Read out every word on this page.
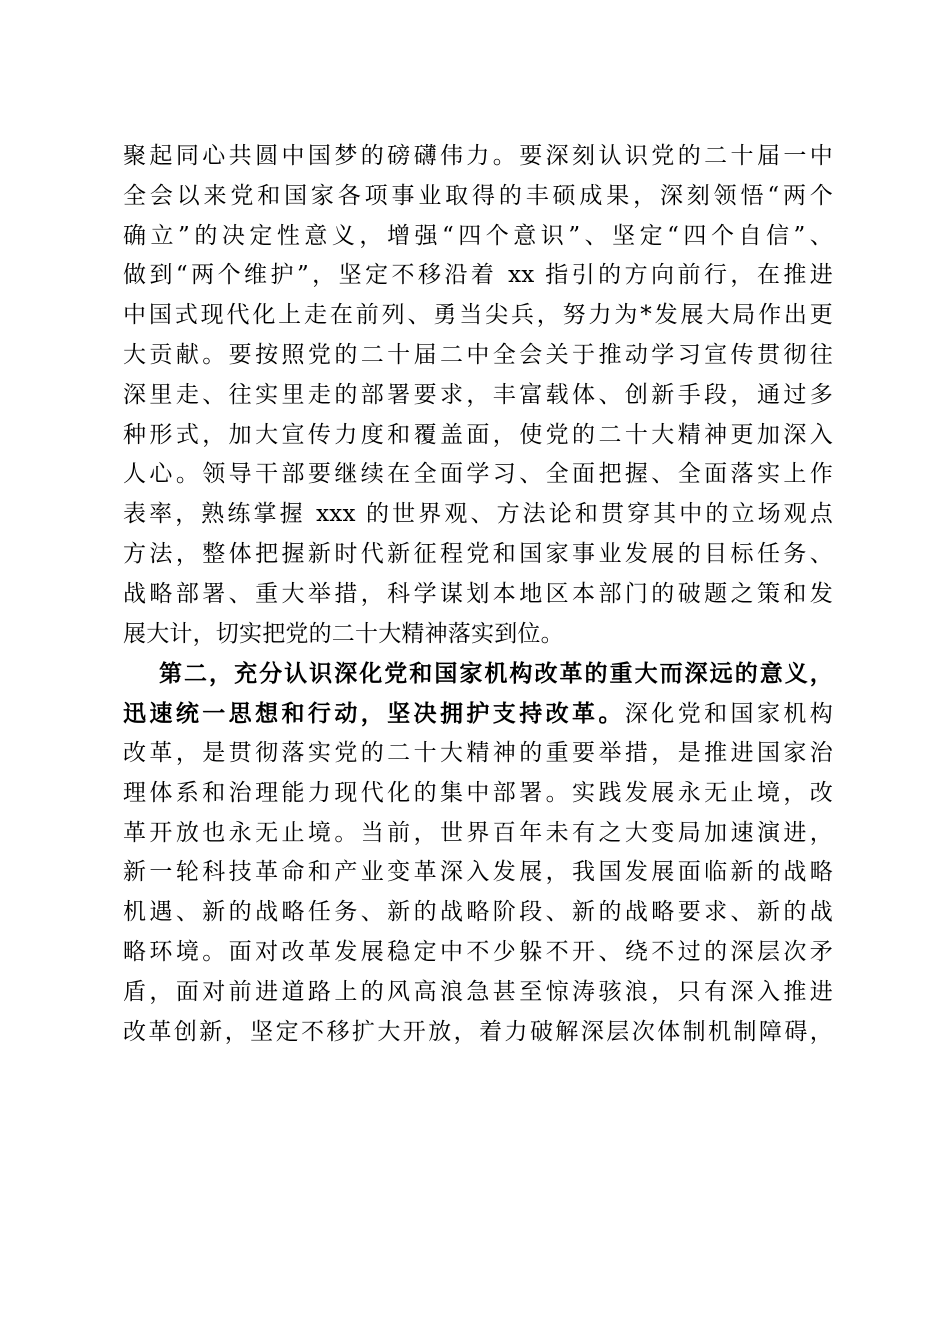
聚起同心共圆中国梦的磅礴伟力。要深刻认识党的二十届一中
全会以来党和国家各项事业取得的丰硕成果，深刻领悟“两个
确立”的决定性意义，增强“四个意识”、坚定“四个自信”、
做到“两个维护”，坚定不移沿着 xx 指引的方向前行，在推进
中国式现代化上走在前列、勇当尖兵，努力为*发展大局作出更
大贡献。要按照党的二十届二中全会关于推动学习宣传贯彻往
深里走、往实里走的部署要求，丰富载体、创新手段，通过多
种形式，加大宣传力度和覆盖面，使党的二十大精神更加深入
人心。领导干部要继续在全面学习、全面把握、全面落实上作
表率，熟练掌握 xxx 的世界观、方法论和贯穿其中的立场观点
方法，整体把握新时代新征程党和国家事业发展的目标任务、
战略部署、重大举措，科学谋划本地区本部门的破题之策和发
展大计，切实把党的二十大精神落实到位。
第二，充分认识深化党和国家机构改革的重大而深远的意义，
迅速统一思想和行动，坚决拥护支持改革。深化党和国家机构
改革，是贯彻落实党的二十大精神的重要举措，是推进国家治
理体系和治理能力现代化的集中部署。实践发展永无止境，改
革开放也永无止境。当前，世界百年未有之大变局加速演进，
新一轮科技革命和产业变革深入发展，我国发展面临新的战略
机遇、新的战略任务、新的战略阶段、新的战略要求、新的战
略环境。面对改革发展稳定中不少躲不开、绕不过的深层次矛
盾，面对前进道路上的风高浪急甚至惊涛骇浪，只有深入推进
改革创新，坚定不移扩大开放，着力破解深层次体制机制障碍，
